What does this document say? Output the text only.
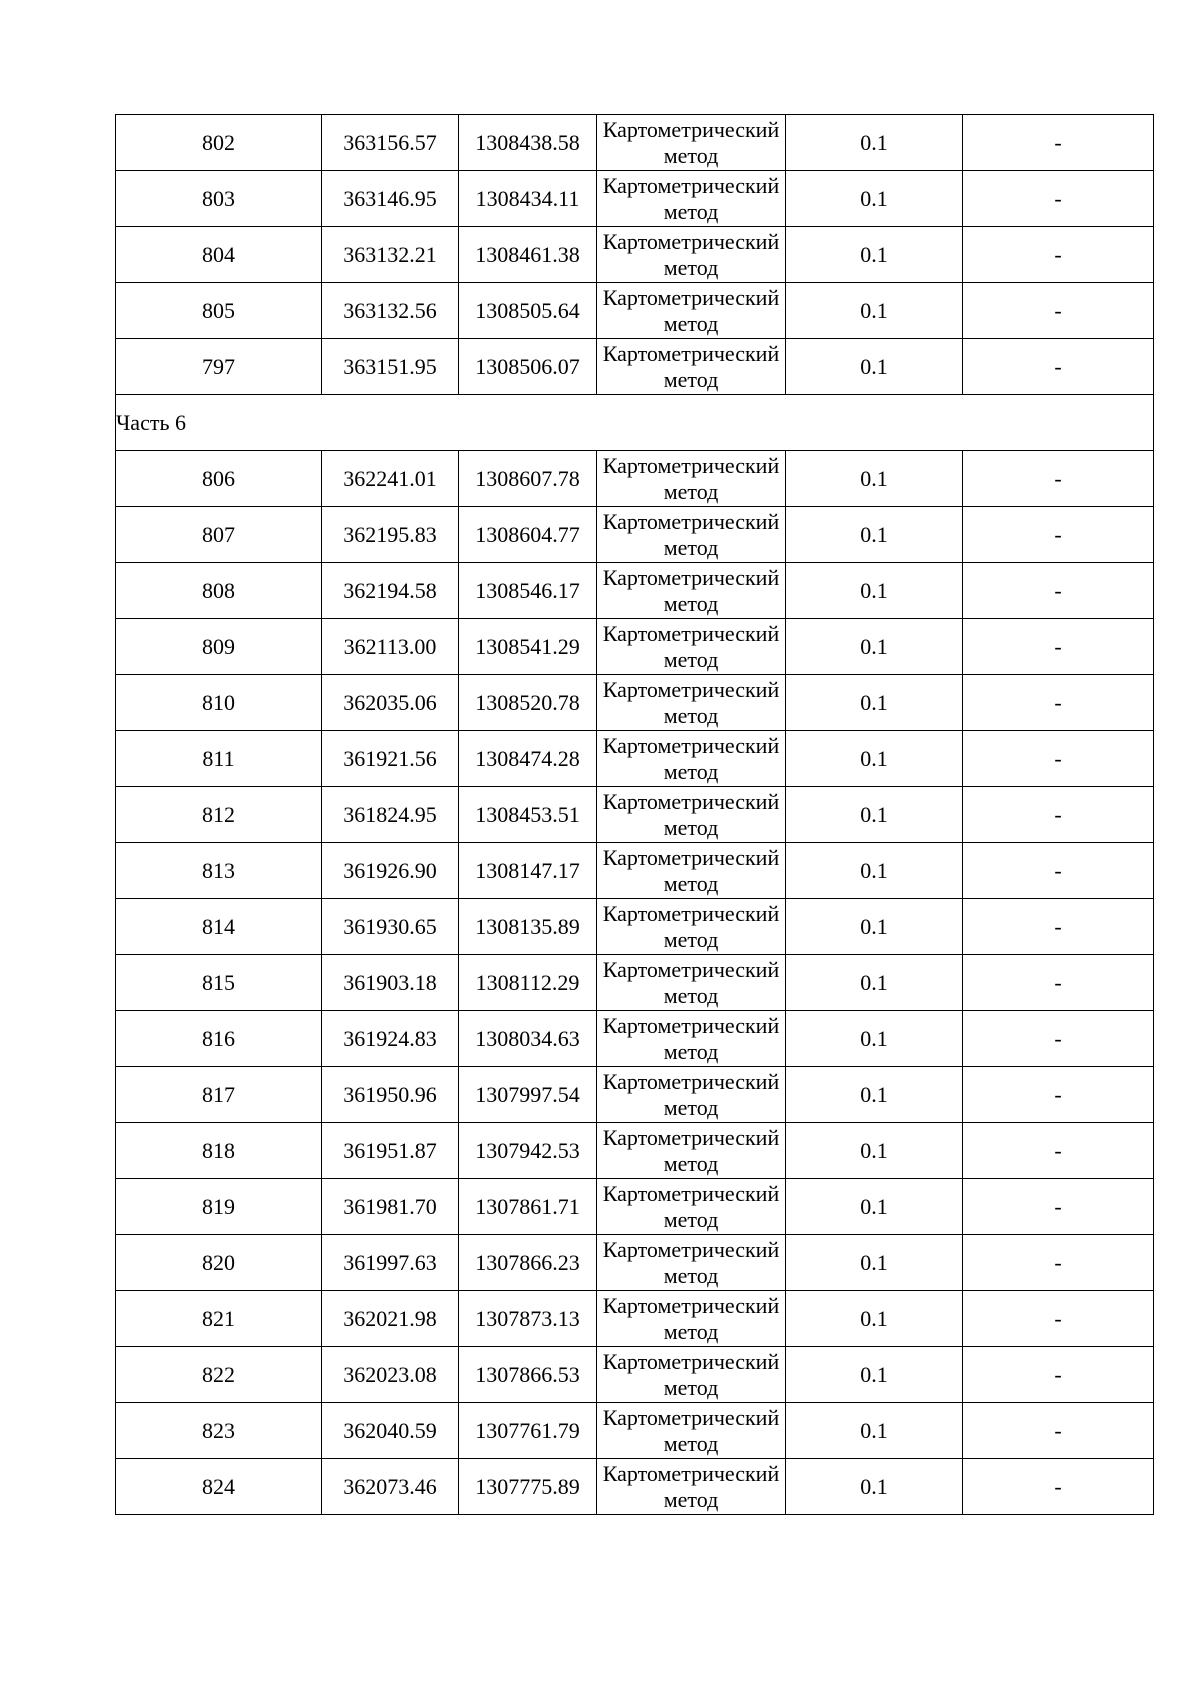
802	363156.57	1308438.58	Картометрический метод	0.1	-
803	363146.95	1308434.11	Картометрический метод	0.1	-
804	363132.21	1308461.38	Картометрический метод	0.1	-
805	363132.56	1308505.64	Картометрический метод	0.1	-
797	363151.95	1308506.07	Картометрический метод	0.1	-
Часть 6					
806	362241.01	1308607.78	Картометрический метод	0.1	-
807	362195.83	1308604.77	Картометрический метод	0.1	-
808	362194.58	1308546.17	Картометрический метод	0.1	-
809	362113.00	1308541.29	Картометрический метод	0.1	-
810	362035.06	1308520.78	Картометрический метод	0.1	-
811	361921.56	1308474.28	Картометрический метод	0.1	-
812	361824.95	1308453.51	Картометрический метод	0.1	-
813	361926.90	1308147.17	Картометрический метод	0.1	-
814	361930.65	1308135.89	Картометрический метод	0.1	-
815	361903.18	1308112.29	Картометрический метод	0.1	-
816	361924.83	1308034.63	Картометрический метод	0.1	-
817	361950.96	1307997.54	Картометрический метод	0.1	-
818	361951.87	1307942.53	Картометрический метод	0.1	-
819	361981.70	1307861.71	Картометрический метод	0.1	-
820	361997.63	1307866.23	Картометрический метод	0.1	-
821	362021.98	1307873.13	Картометрический метод	0.1	-
822	362023.08	1307866.53	Картометрический метод	0.1	-
823	362040.59	1307761.79	Картометрический метод	0.1	-
824	362073.46	1307775.89	Картометрический метод	0.1	-
